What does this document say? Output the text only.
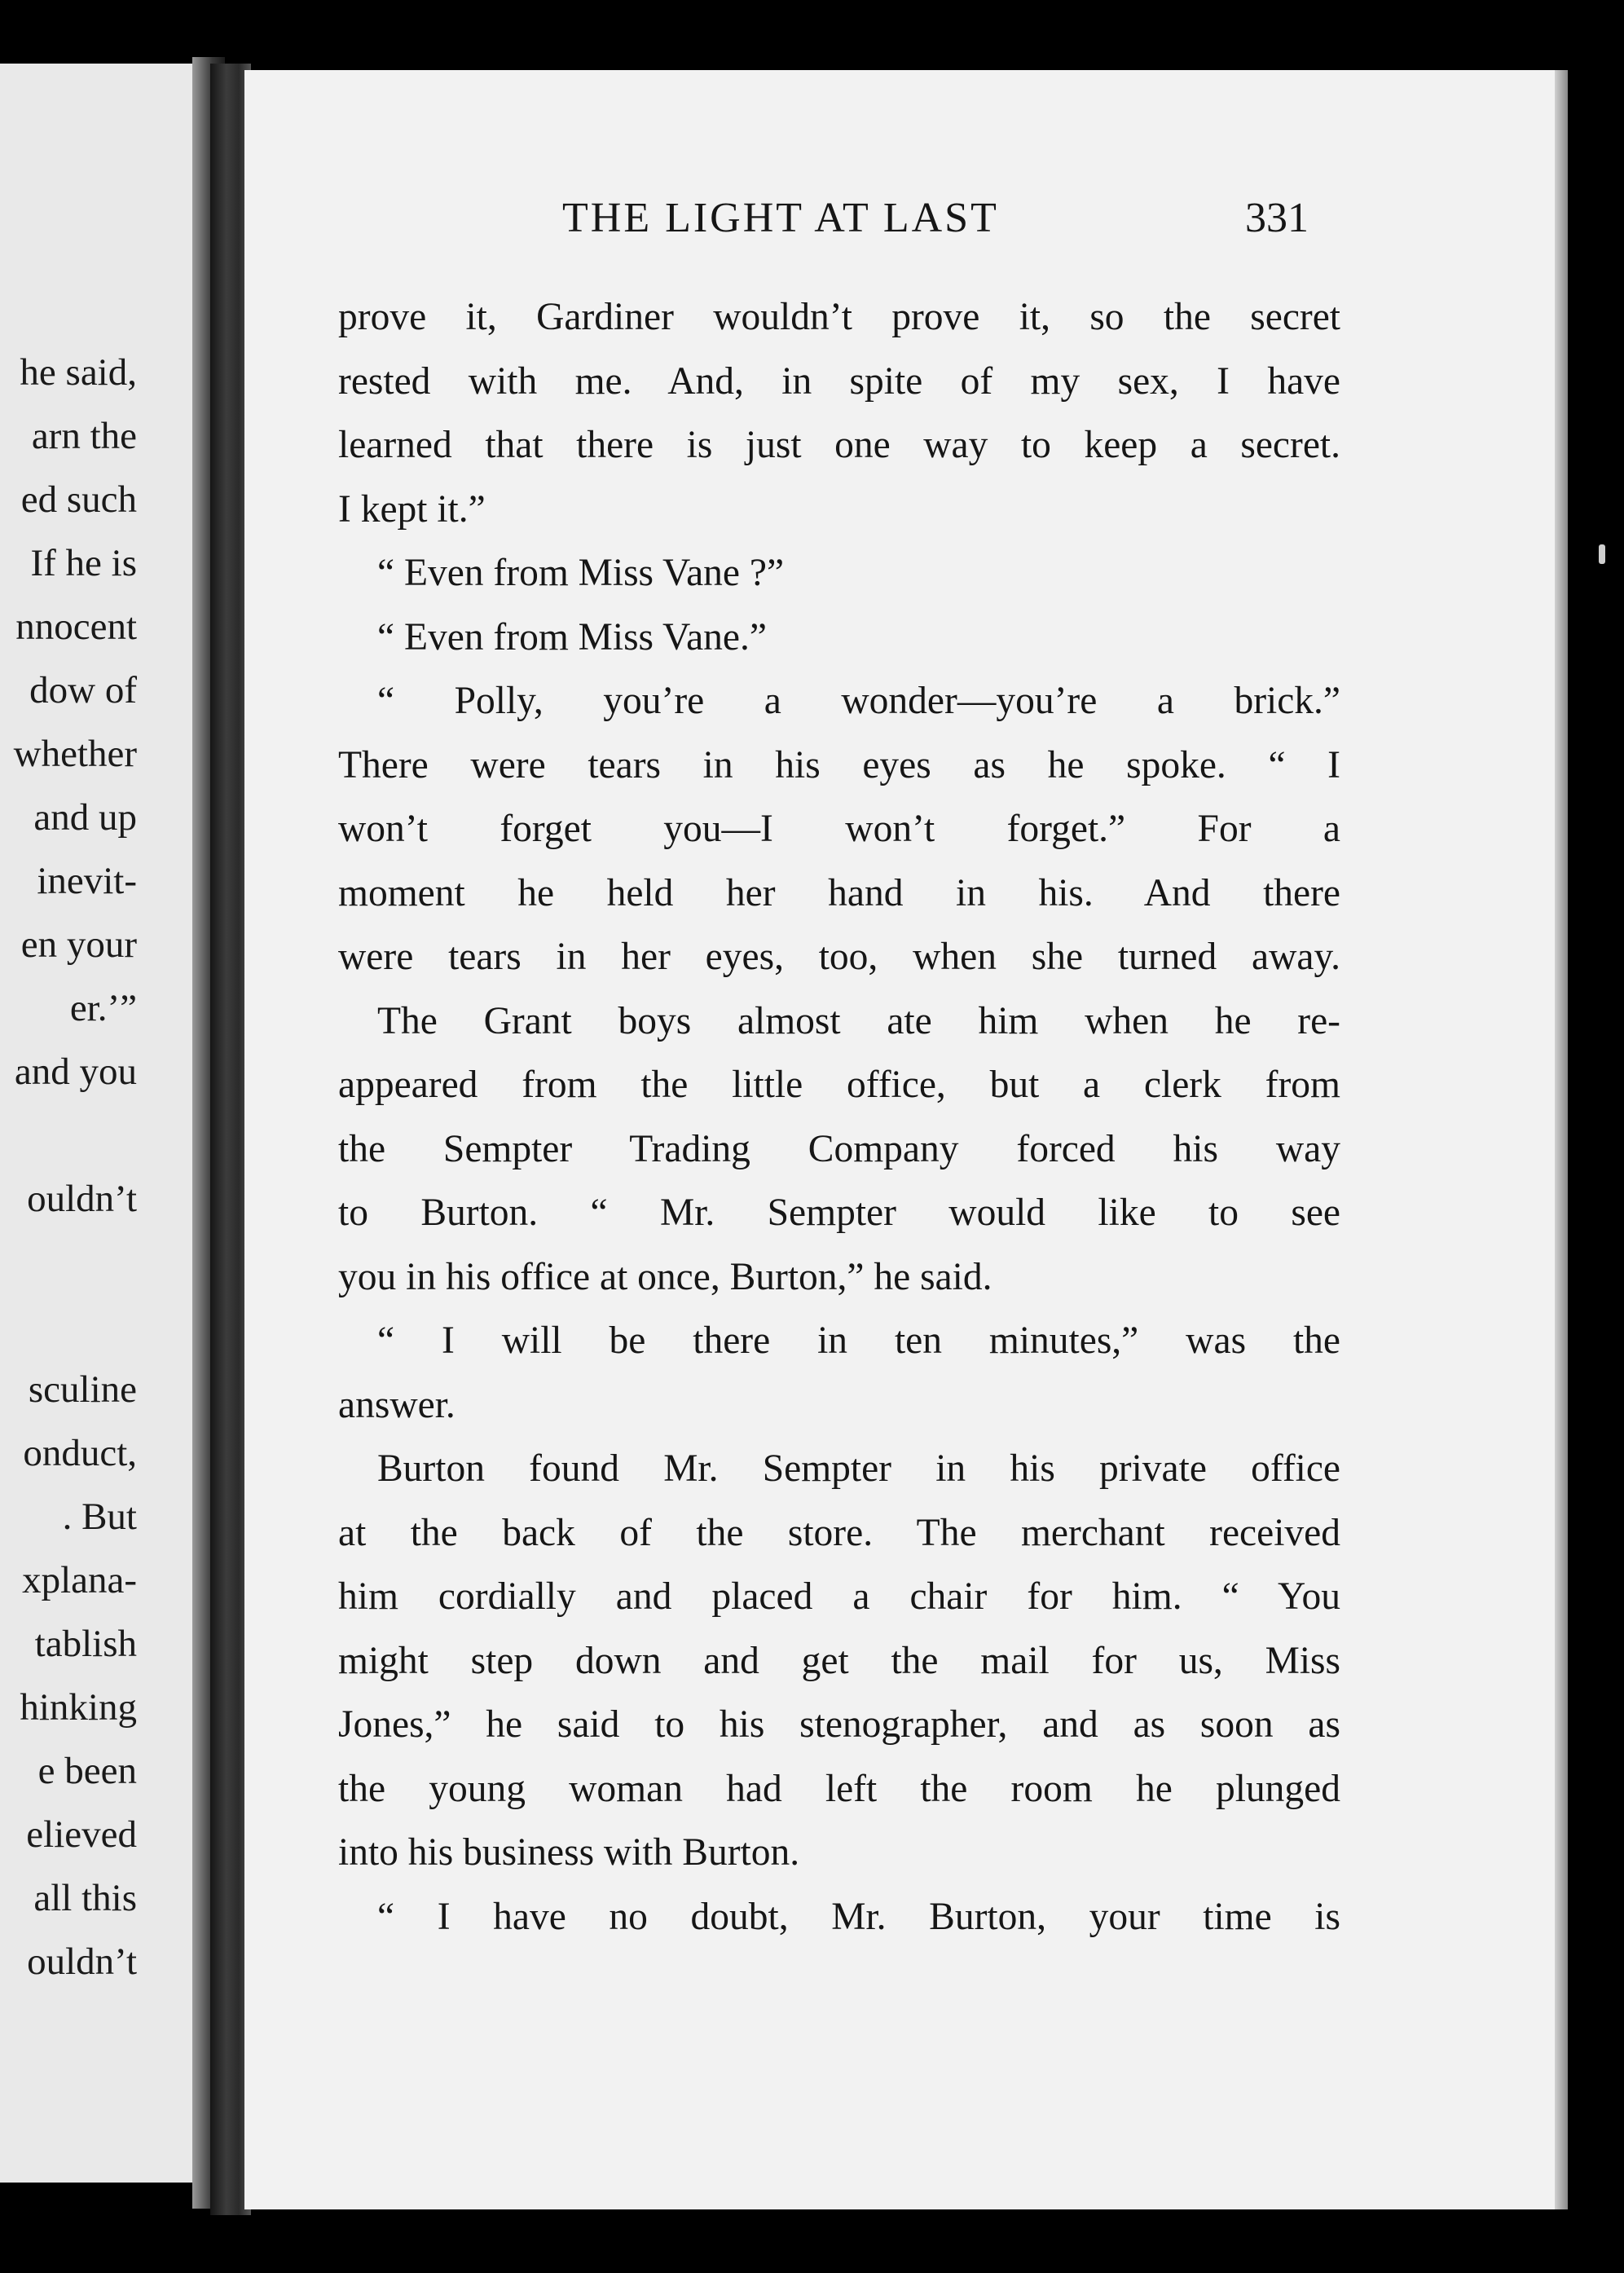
he said,
arn the
ed such
If he is
nnocent
dow of
whether
and up
inevit-
en your
er.’”
and you
ouldn’t
sculine
onduct,
. But
xplana-
tablish
hinking
e been
elieved
all this
ouldn’t
THE LIGHT AT LAST	331
prove it, Gardiner wouldn’t prove it, so the secret
rested with me. And, in spite of my sex, I have
learned that there is just one way to keep a secret.
I kept it.”
“ Even from Miss Vane ?”
“ Even from Miss Vane.”
“ Polly, you’re a wonder—you’re a brick.”
There were tears in his eyes as he spoke. “ I
won’t forget you—I won’t forget.” For a
moment he held her hand in his. And there
were tears in her eyes, too, when she turned away.
The Grant boys almost ate him when he re-
appeared from the little office, but a clerk from
the Sempter Trading Company forced his way
to Burton. “ Mr. Sempter would like to see
you in his office at once, Burton,” he said.
“ I will be there in ten minutes,” was the
answer.
Burton found Mr. Sempter in his private office
at the back of the store. The merchant received
him cordially and placed a chair for him. “ You
might step down and get the mail for us, Miss
Jones,” he said to his stenographer, and as soon as
the young woman had left the room he plunged
into his business with Burton.
“ I have no doubt, Mr. Burton, your time is
